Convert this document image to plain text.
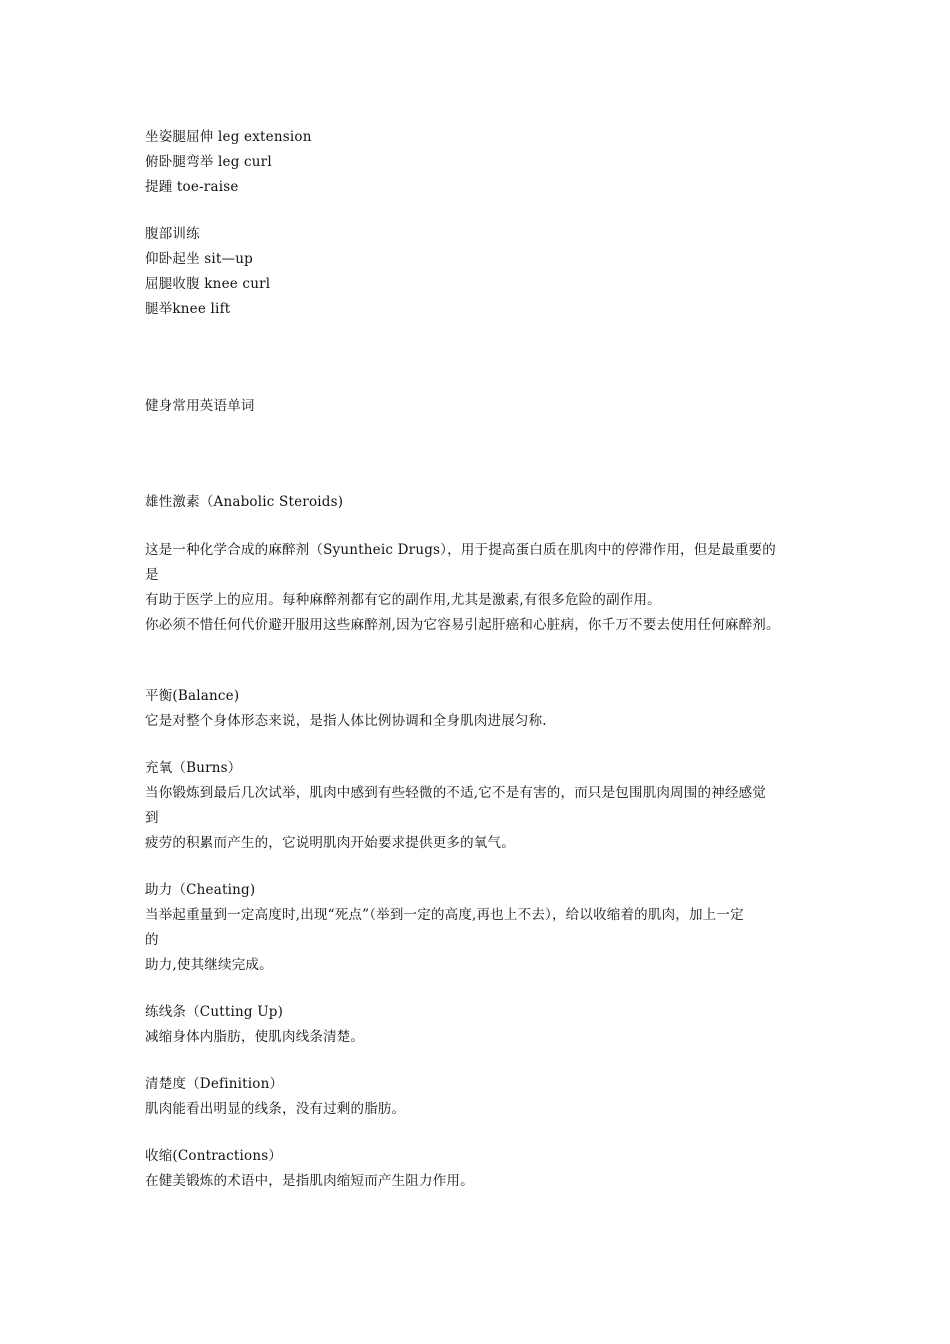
坐姿腿屈伸 leg extension
俯卧腿弯举 leg curl
提踵 toe-raise
腹部训练
仰卧起坐 sit—up
屈腿收腹 knee curl
腿举knee lift
健身常用英语单词
雄性激素（Anabolic Steroids)
这是一种化学合成的麻醉剂（Syuntheic Drugs），用于提高蛋白质在肌肉中的停滞作用，但是最重要的
是
有助于医学上的应用。每种麻醉剂都有它的副作用,尤其是激素,有很多危险的副作用。
你必须不惜任何代价避开服用这些麻醉剂,因为它容易引起肝癌和心脏病，你千万不要去使用任何麻醉剂。
平衡(Balance)
它是对整个身体形态来说，是指人体比例协调和全身肌肉进展匀称.
充氧（Burns）
当你锻炼到最后几次试举，肌肉中感到有些轻微的不适,它不是有害的，而只是包围肌肉周围的神经感觉
到
疲劳的积累而产生的，它说明肌肉开始要求提供更多的氧气。
助力（Cheating)
当举起重量到一定高度时,出现“死点”（举到一定的高度,再也上不去），给以收缩着的肌肉，加上一定
的
助力,使其继续完成。
练线条（Cutting Up)
减缩身体内脂肪，使肌肉线条清楚。
清楚度（Definition）
肌肉能看出明显的线条，没有过剩的脂肪。
收缩(Contractions）
在健美锻炼的术语中，是指肌肉缩短而产生阻力作用。
